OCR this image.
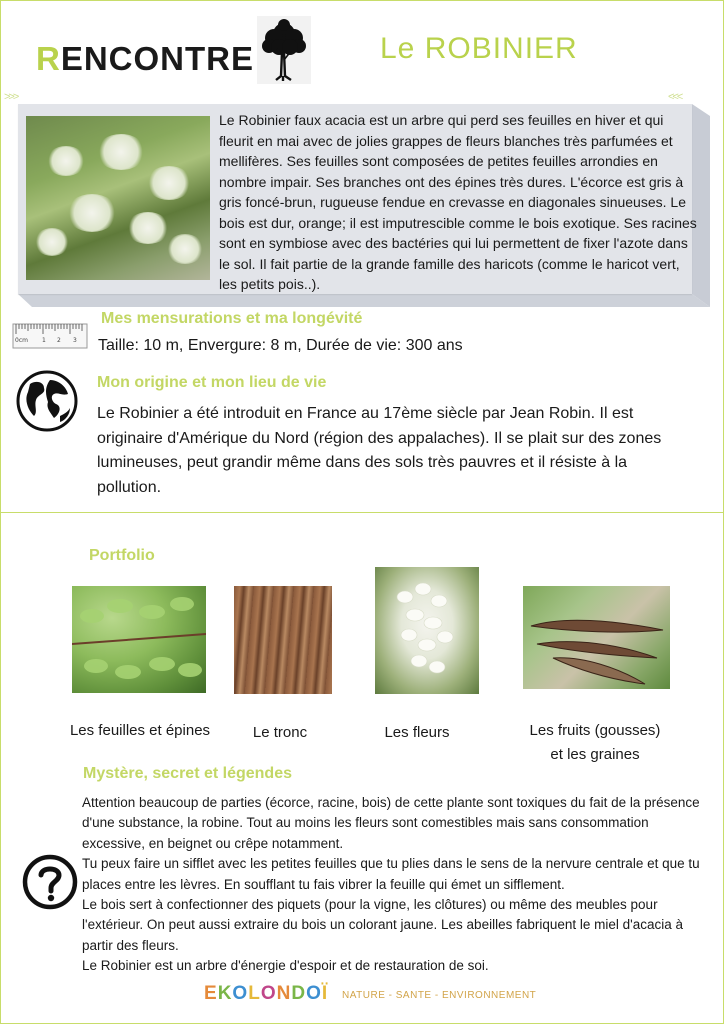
RENCONTRE	Le ROBINIER
>>>	<<<
Le Robinier faux acacia est un arbre qui perd ses feuilles en hiver et qui fleurit en mai avec de jolies grappes de fleurs blanches très parfumées et mellifères. Ses feuilles sont composées de petites feuilles arrondies en nombre impair. Ses branches ont des épines très dures. L'écorce est gris à gris foncé-brun, rugueuse fendue en crevasse en diagonales sinueuses. Le bois est dur, orange; il est imputrescible comme le bois exotique. Ses racines sont en symbiose avec des bactéries qui lui permettent de fixer l'azote dans le sol. Il fait partie de la grande famille des haricots (comme le haricot vert, les petits pois..).
0cm 1 2 3
Mes mensurations et ma longévité
Taille: 10 m, Envergure: 8 m, Durée de vie: 300 ans
Mon origine et mon lieu de vie
Le Robinier a été introduit en France au 17ème siècle par Jean Robin. Il est originaire d'Amérique du Nord (région des appalaches). Il se plait sur des zones lumineuses, peut grandir même dans des sols très pauvres et il résiste à la pollution.
Portfolio
Les feuilles et épines	Le tronc	Les fleurs	Les fruits (gousses)
et les graines
Mystère, secret et légendes
Attention beaucoup de parties (écorce, racine, bois) de cette plante sont toxiques du fait de la présence d'une substance, la robine. Tout au moins les fleurs sont comestibles mais sans consommation excessive, en beignet ou crêpe notamment.
Tu peux faire un sifflet avec les petites feuilles que tu plies dans le sens de la nervure centrale et que tu places entre les lèvres. En soufflant tu fais vibrer la feuille qui émet un sifflement.
Le bois sert à confectionner des piquets (pour la vigne, les clôtures) ou même des meubles pour l'extérieur. On peut aussi extraire du bois un colorant jaune. Les abeilles fabriquent le miel d'acacia à partir des fleurs.
Le Robinier est un arbre d'énergie d'espoir et de restauration de soi.
EKOLONDOÏ NATURE - SANTE - ENVIRONNEMENT
